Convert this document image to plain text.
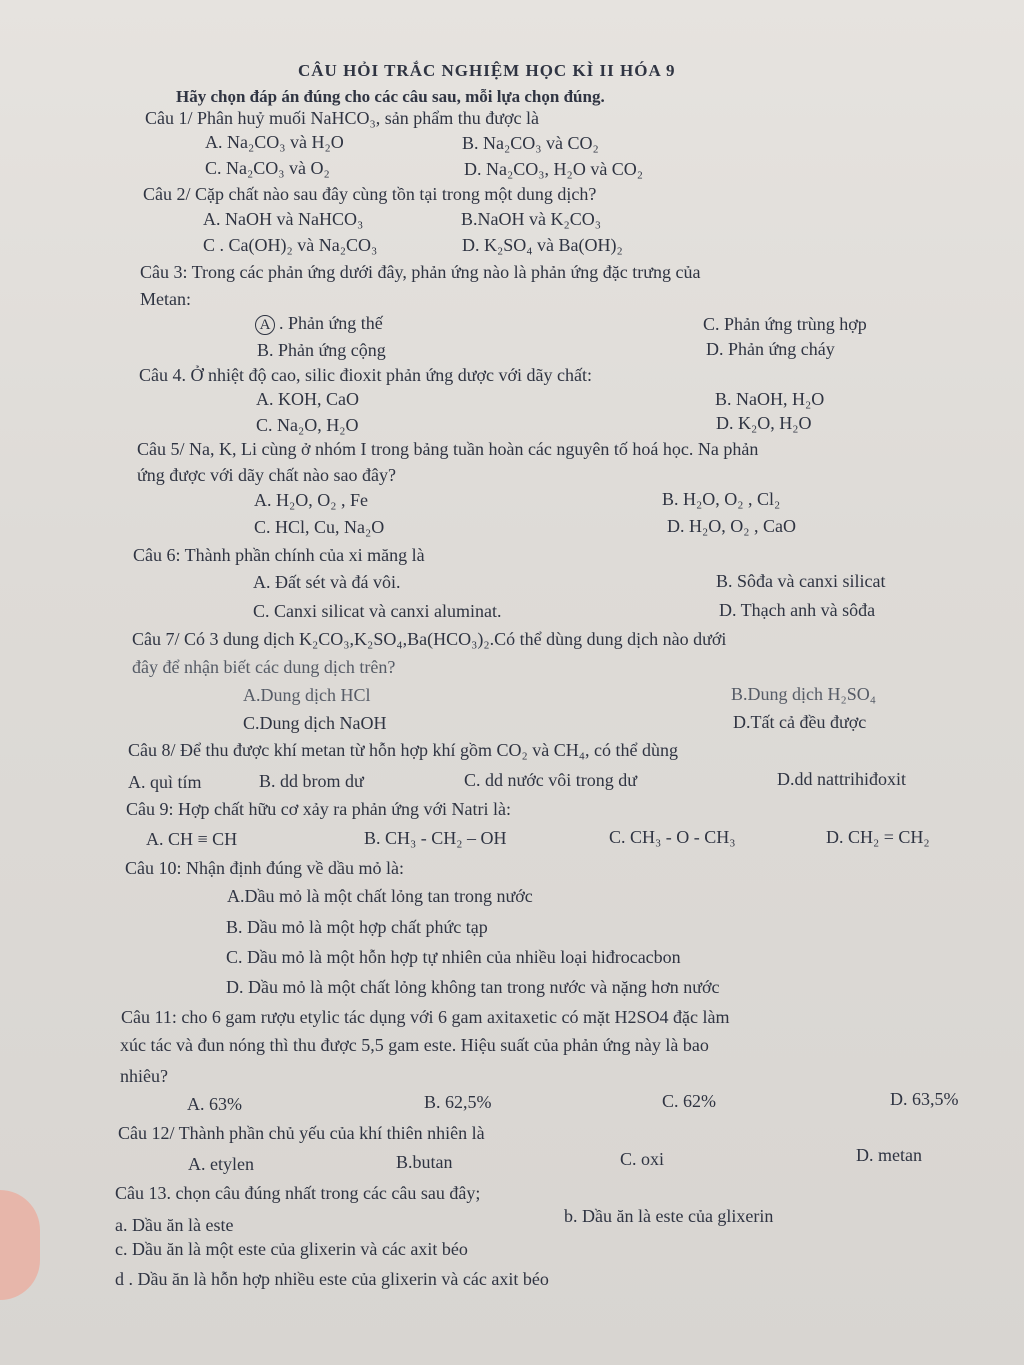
CÂU HỎI TRẮC NGHIỆM HỌC KÌ II HÓA 9
Hãy chọn đáp án đúng cho các câu sau, mỗi lựa chọn đúng.
Câu 1/ Phân huỷ muối NaHCO₃, sản phẩm thu được là
A. Na₂CO₃ và H₂O	B. Na₂CO₃ và CO₂
C. Na₂CO₃ và O₂	D. Na₂CO₃, H₂O và CO₂
Câu 2/ Cặp chất nào sau đây cùng tồn tại trong một dung dịch?
A. NaOH và NaHCO₃	B.NaOH và K₂CO₃
C . Ca(OH)₂ và Na₂CO₃	D. K₂SO₄ và Ba(OH)₂
Câu 3: Trong các phản ứng dưới đây, phản ứng nào là phản ứng đặc trưng của
Metan:
A . Phản ứng thế	C. Phản ứng trùng hợp
B. Phản ứng cộng	D. Phản ứng cháy
Câu 4. Ở nhiệt độ cao, silic đioxit phản ứng dược với dãy chất:
A. KOH, CaO	B. NaOH, H₂O
C. Na₂O, H₂O	D. K₂O, H₂O
Câu 5/ Na, K, Li cùng ở nhóm I trong bảng tuần hoàn các nguyên tố hoá học. Na phản
ứng được với dãy chất nào sao đây?
A. H₂O, O₂ , Fe	B. H₂O, O₂ , Cl₂
C. HCl, Cu, Na₂O	D. H₂O, O₂ , CaO
Câu 6: Thành phần chính của xi măng là
A. Đất sét và đá vôi.	B. Sôđa và canxi silicat
C. Canxi silicat và canxi aluminat.	D. Thạch anh và sôđa
Câu 7/ Có 3 dung dịch K₂CO₃,K₂SO₄,Ba(HCO₃)₂.Có thể dùng dung dịch nào dưới
đây để nhận biết các dung dịch trên?
A.Dung dịch HCl	B.Dung dịch H₂SO₄
C.Dung dịch NaOH	D.Tất cả đều được
Câu 8/ Để thu được khí metan từ hỗn hợp khí gồm CO₂ và CH₄, có thể dùng
A. quì tím	B. dd brom dư	C. dd nước vôi trong dư	D.dd nattrihiđoxit
Câu 9: Hợp chất hữu cơ xảy ra phản ứng với Natri là:
A. CH ≡ CH	B. CH₃ - CH₂ – OH	C. CH₃ - O - CH₃	D. CH₂ = CH₂
Câu 10: Nhận định đúng về dầu mỏ là:
A.Dầu mỏ là một chất lỏng tan trong nước
B. Dầu mỏ là một hợp chất phức tạp
C. Dầu mỏ là một hỗn hợp tự nhiên của nhiều loại hiđrocacbon
D. Dầu mỏ là một chất lỏng không tan trong nước và nặng hơn nước
Câu 11: cho 6 gam rượu etylic tác dụng với 6 gam axitaxetic có mặt H2SO4 đặc làm
xúc tác và đun nóng thì thu được 5,5 gam este. Hiệu suất của phản ứng này là bao
nhiêu?
A. 63%	B. 62,5%	C. 62%	D. 63,5%
Câu 12/ Thành phần chủ yếu của khí thiên nhiên là
A. etylen	B.butan	C. oxi	D. metan
Câu 13. chọn câu đúng nhất trong các câu sau đây;
a. Dầu ăn là este	b. Dầu ăn là este của glixerin
c. Dầu ăn là một este của glixerin và các axit béo
d . Dầu ăn là hỗn hợp nhiều este của glixerin và các axit béo
